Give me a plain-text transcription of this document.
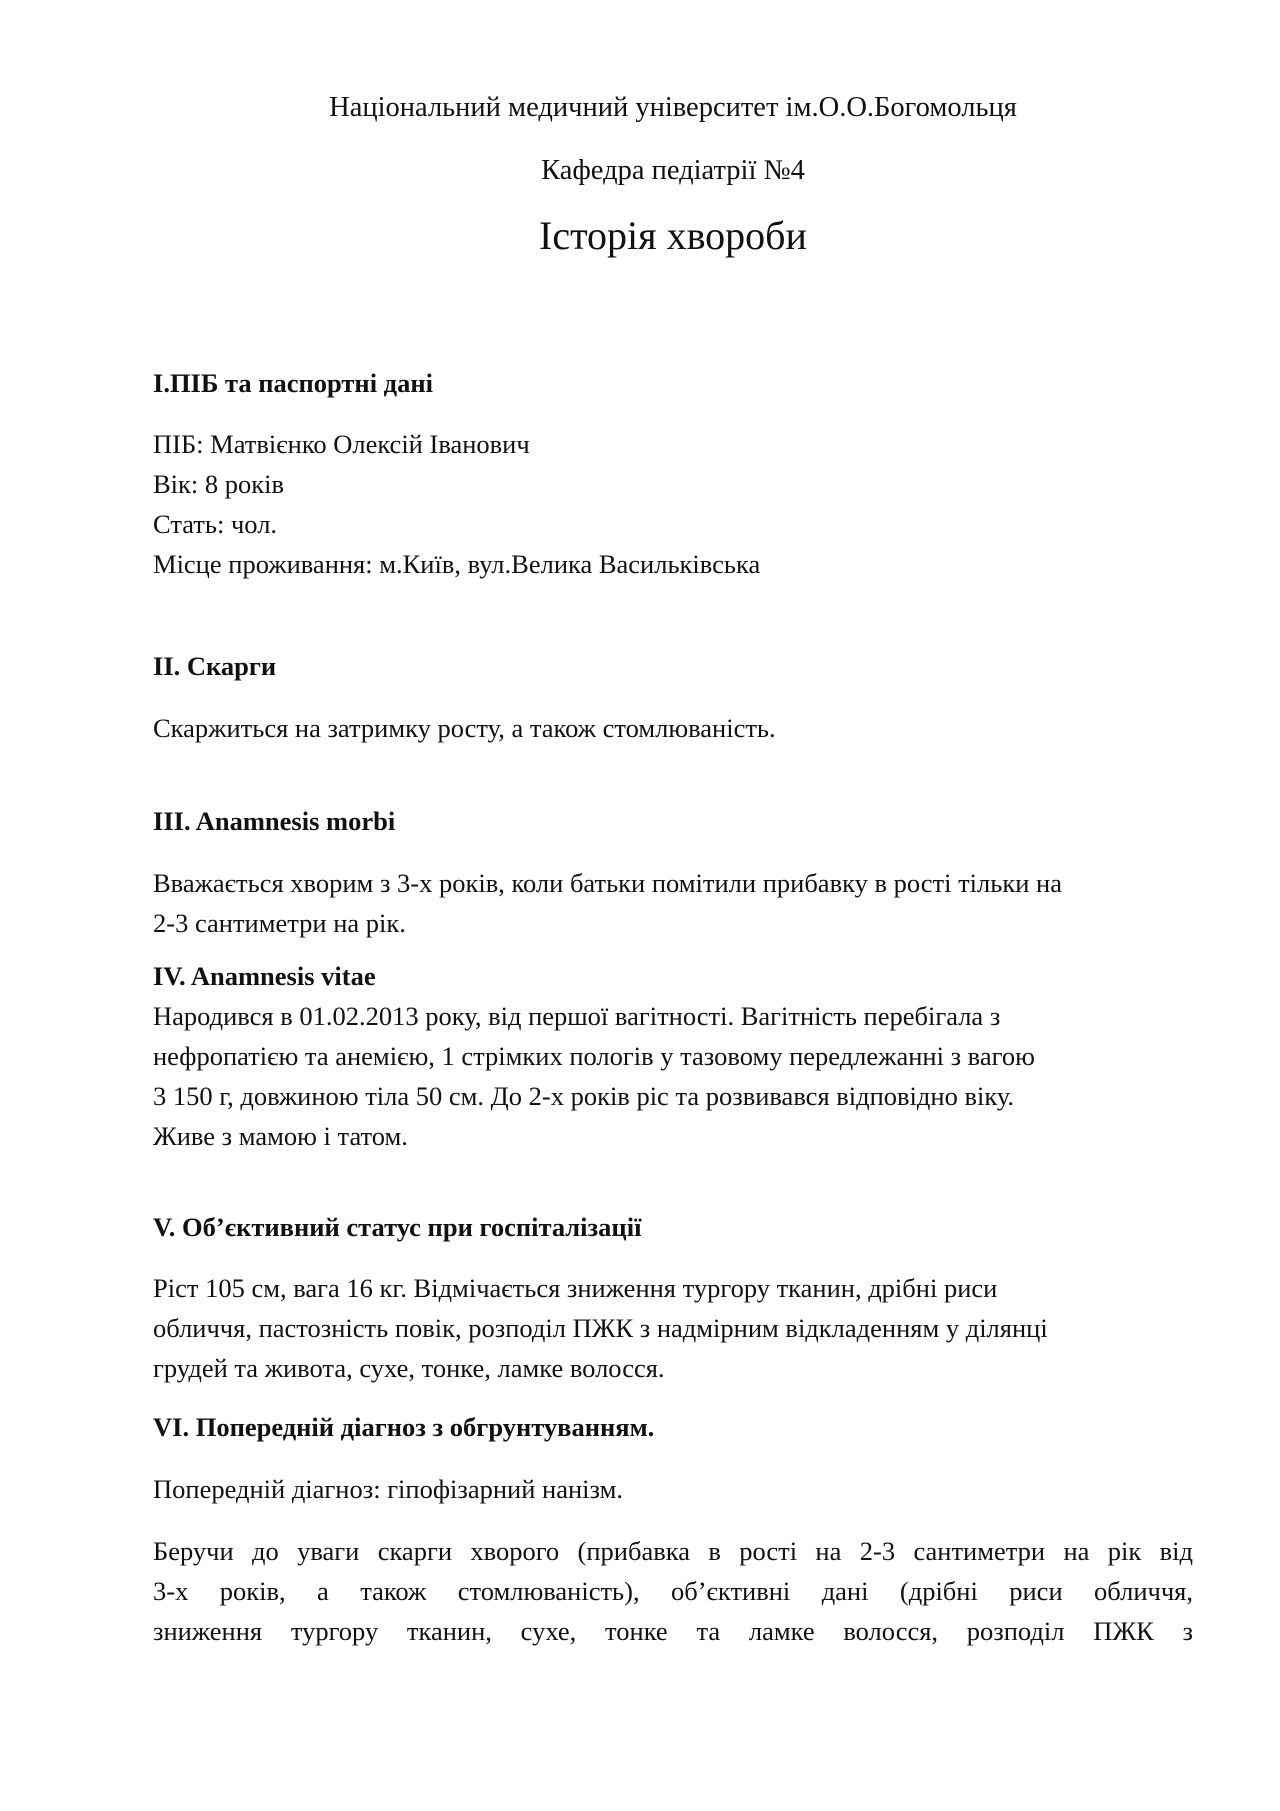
Національний медичний університет ім.О.О.Богомольця

Кафедра педіатрії №4

Історія хвороби

I.ПІБ та паспортні дані

ПІБ: Матвієнко Олексій Іванович

Вік: 8 років

Стать: чол.

Місце проживання: м.Київ, вул.Велика Васильківська

II. Скарги

Скаржиться на затримку росту, а також стомлюваність.

III. Anamnesis morbi

Вважається хворим з 3-х років, коли батьки помітили прибавку в рості тільки на

2-3 сантиметри на рік.

IV. Anamnesis vitae

Народився в 01.02.2013 року, від першої вагітності. Вагітність перебігала з

нефропатією та анемією, 1 стрімких пологів у тазовому передлежанні з вагою

3 150 г, довжиною тіла 50 см. До 2-х років ріс та розвивався відповідно віку.

Живе з мамою і татом.

V. Об’єктивний статус при госпіталізації

Ріст 105 см, вага 16 кг. Відмічається зниження тургору тканин, дрібні риси

обличчя, пастозність повік, розподіл ПЖК з надмірним відкладенням у ділянці

грудей та живота, сухе, тонке, ламке волосся.

VI. Попередній діагноз з обгрунтуванням.

Попередній діагноз: гіпофізарний нанізм.

Беручи до уваги скарги хворого (прибавка в рості на 2-3 сантиметри на рік від

3-х років, а також стомлюваність), об’єктивні дані (дрібні риси обличчя,

зниження тургору тканин, сухе, тонке та ламке волосся, розподіл ПЖК з
